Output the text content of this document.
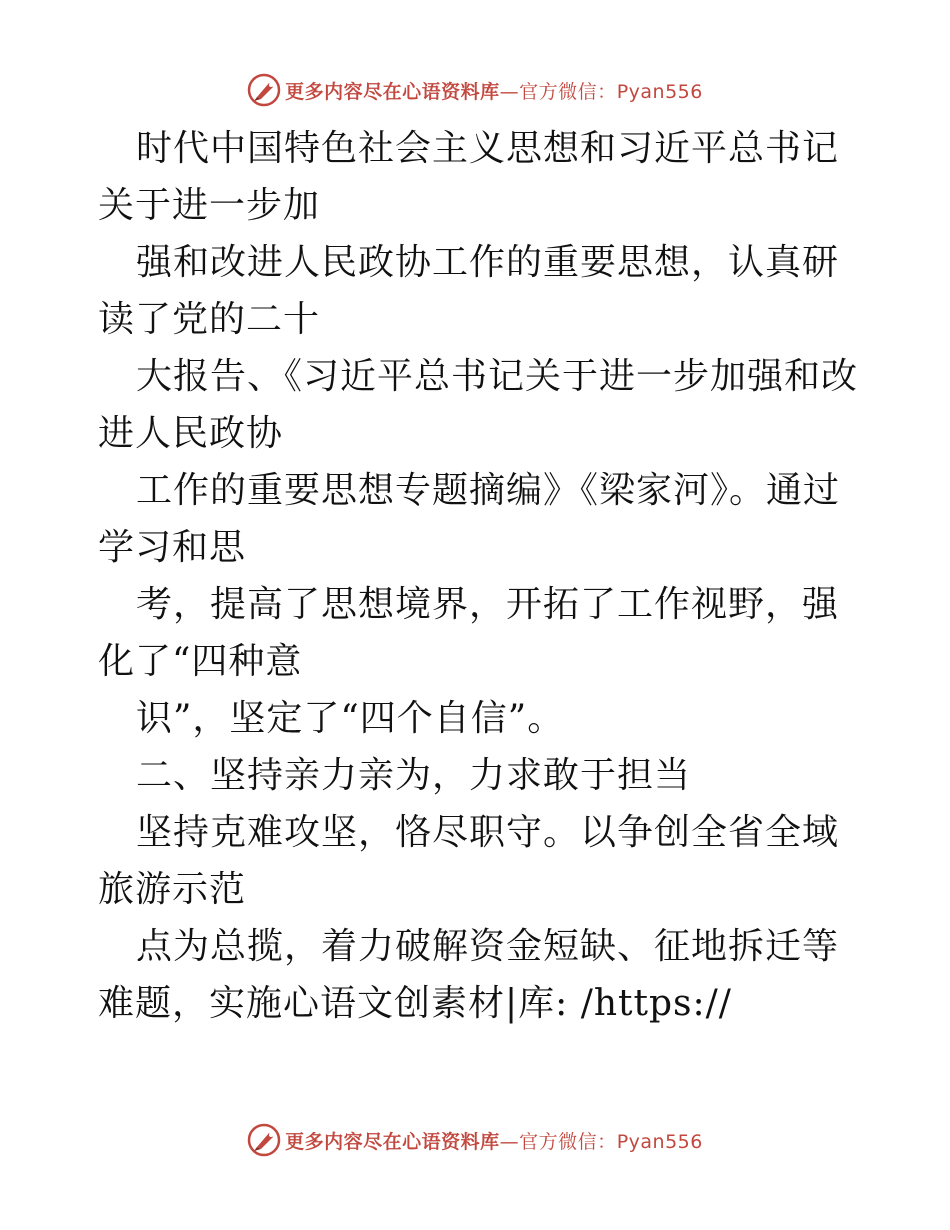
更多内容尽在心语资料库—官方微信：Pyan556

时代中国特色社会主义思想和习近平总书记关于进一步加

强和改进人民政协工作的重要思想，认真研读了党的二十

大报告、《习近平总书记关于进一步加强和改进人民政协

工作的重要思想专题摘编》《梁家河》。通过学习和思

考，提高了思想境界，开拓了工作视野，强化了“四种意

识”，坚定了“四个自信”。

二、坚持亲力亲为，力求敢于担当

坚持克难攻坚，恪尽职守。以争创全省全域旅游示范

点为总揽，着力破解资金短缺、征地拆迁等难题，实施心语文创素材|库: /https://

更多内容尽在心语资料库—官方微信：Pyan556
